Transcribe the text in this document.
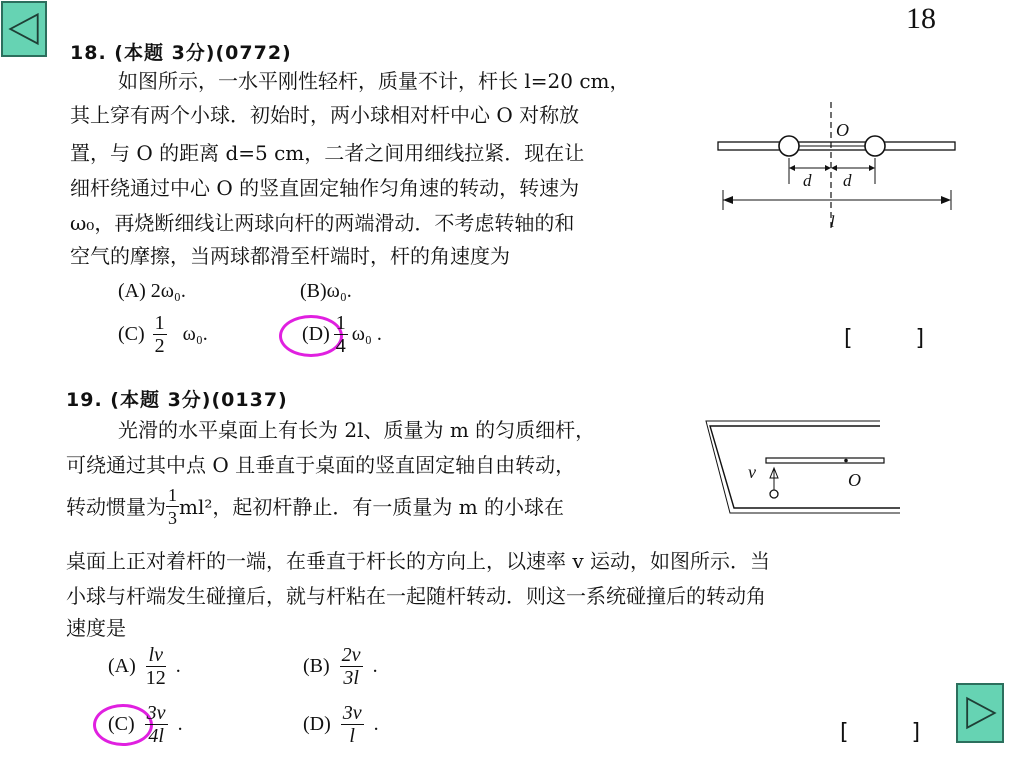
18
18. (本题 3分)(0772)
如图所示，一水平刚性轻杆，质量不计，杆长 l=20 cm，
其上穿有两个小球．初始时，两小球相对杆中心 O 对称放
置，与 O 的距离 d=5 cm，二者之间用细线拉紧．现在让
细杆绕通过中心 O 的竖直固定轴作匀角速的转动，转速为
ω₀，再烧断细线让两球向杆的两端滑动．不考虑转轴的和
空气的摩擦，当两球都滑至杆端时，杆的角速度为
(A) 2ω₀.	(B)ω₀.
$(C) \frac{1}{2} \omega_0$.	$(D) \frac{1}{4} \omega_0$ .	[         ]
O
d d
l
19. (本题 3分)(0137)
光滑的水平桌面上有长为 2l、质量为 m 的匀质细杆，
可绕通过其中点 O 且垂直于桌面的竖直固定轴自由转动，
转动惯量为 $\frac{1}{3} ml^2$，起初杆静止．有一质量为 m 的小球在
桌面上正对着杆的一端，在垂直于杆长的方向上，以速率 v 运动，如图所示．当
小球与杆端发生碰撞后，就与杆粘在一起随杆转动．则这一系统碰撞后的转动角
速度是
$(A) \frac{lv}{12}$ .	$(B) \frac{2v}{3l}$ .
$(C) \frac{3v}{4l}$ .	$(D) \frac{3v}{l}$ .	[         ]
v	O
